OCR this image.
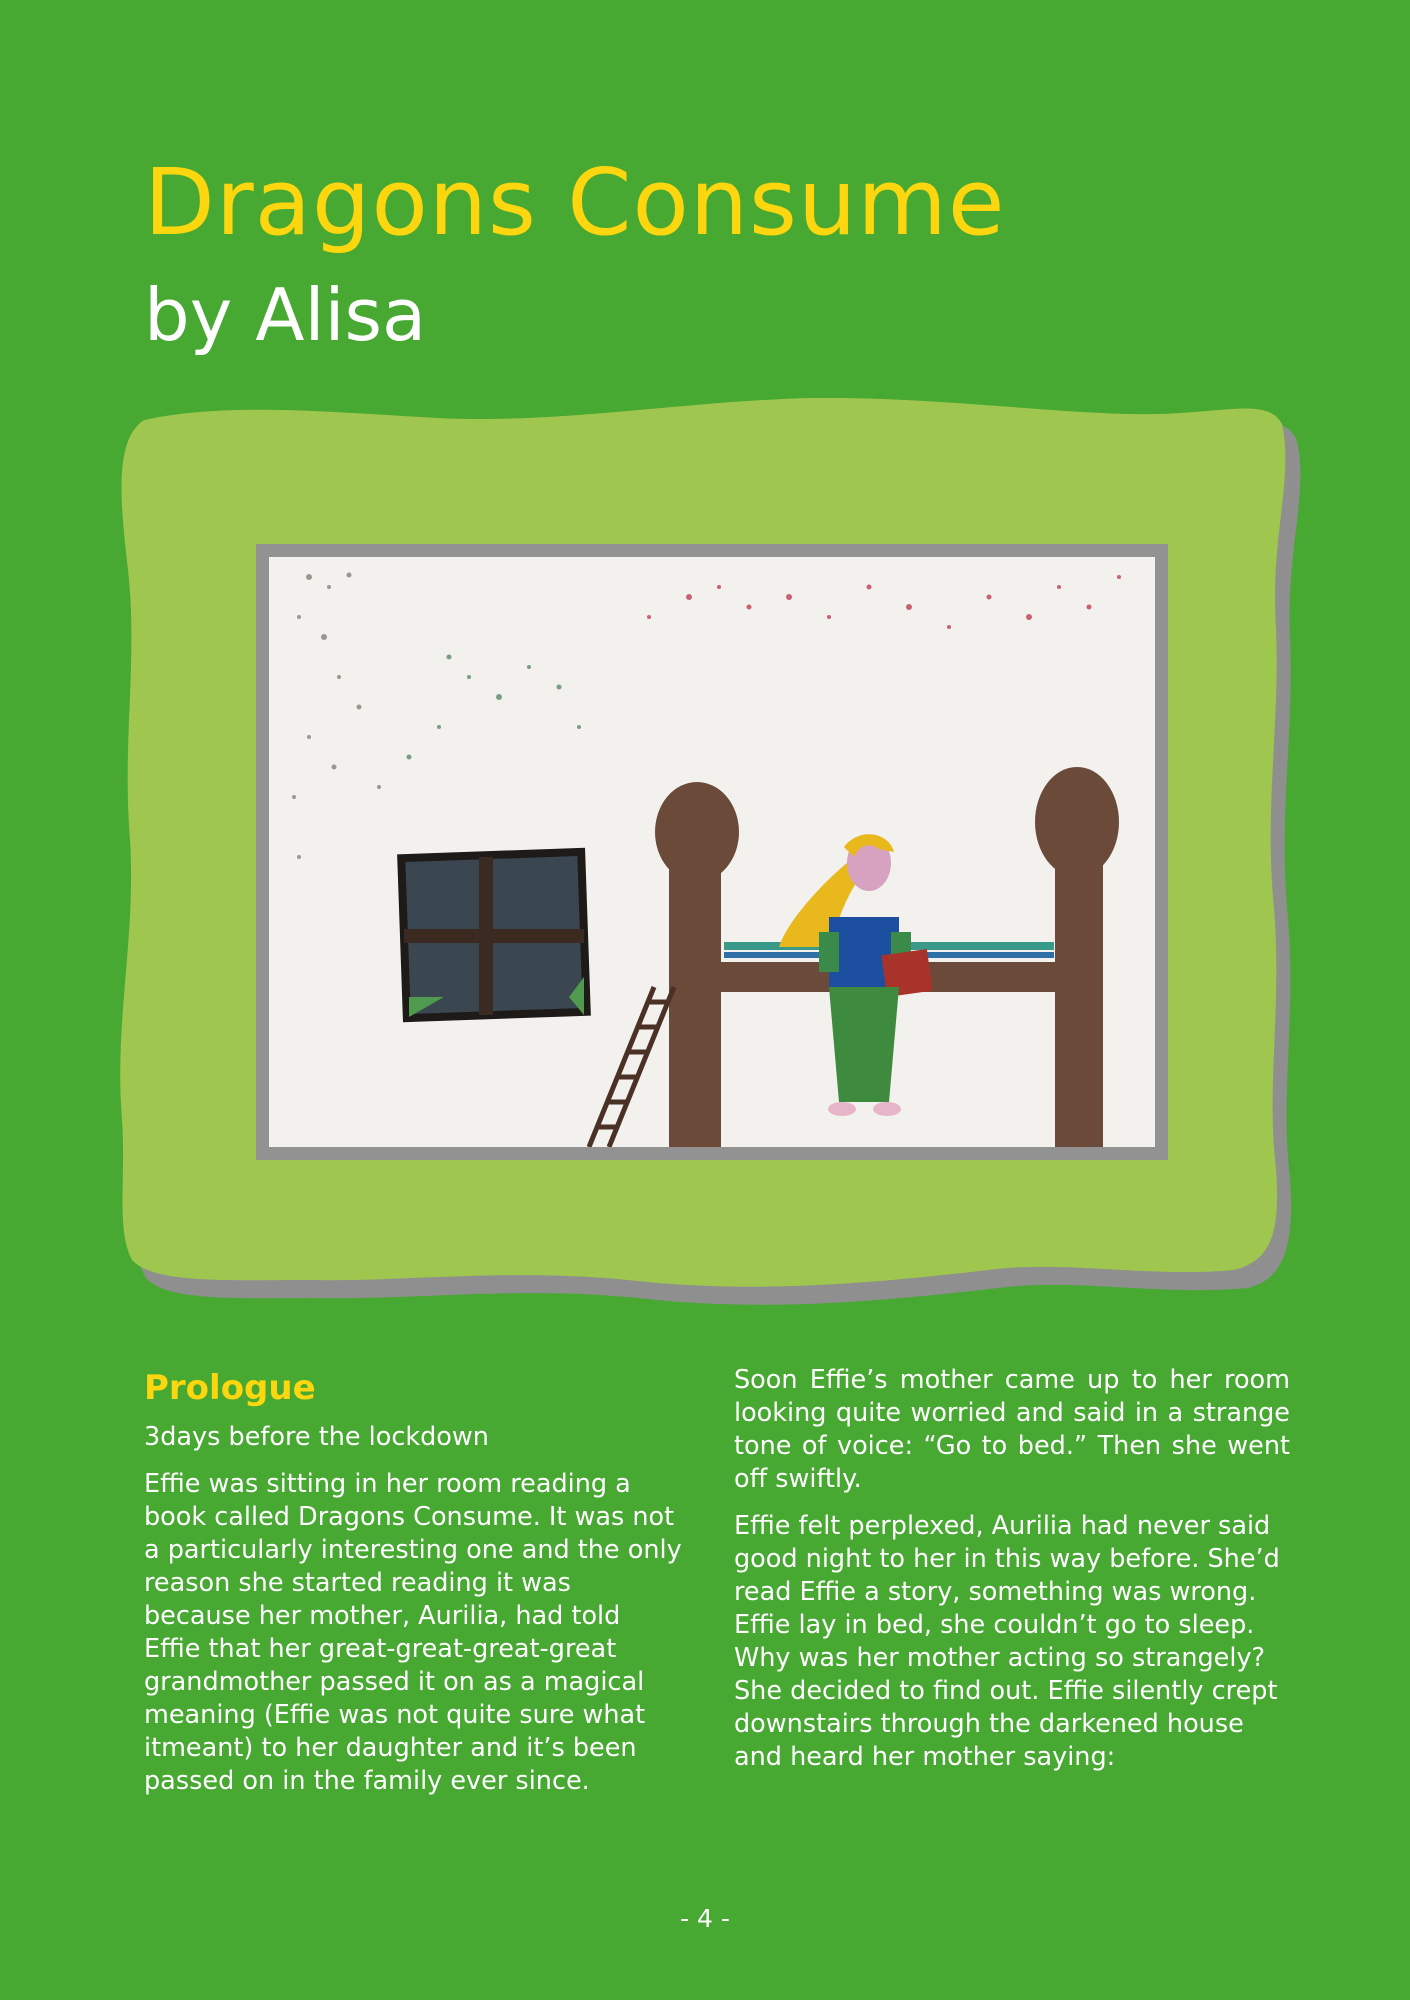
Dragons Consume
by Alisa
Prologue

3days before the lockdown

Effie was sitting in her room reading a book called Dragons Consume. It was not a particularly interesting one and the only reason she started reading it was because her mother, Aurilia, had told Effie that her great-great-great-great grandmother passed it on as a magical meaning (Effie was not quite sure what itmeant) to her daughter and it’s been passed on in the family ever since.

Soon Effie’s mother came up to her room looking quite worried and said in a strange tone of voice: “Go to bed.” Then she went off swiftly.

Effie felt perplexed, Aurilia had never said good night to her in this way before. She’d read Effie a story, something was wrong. Effie lay in bed, she couldn’t go to sleep. Why was her mother acting so strangely? She decided to find out. Effie silently crept downstairs through the darkened house and heard her mother saying:

- 4 -
